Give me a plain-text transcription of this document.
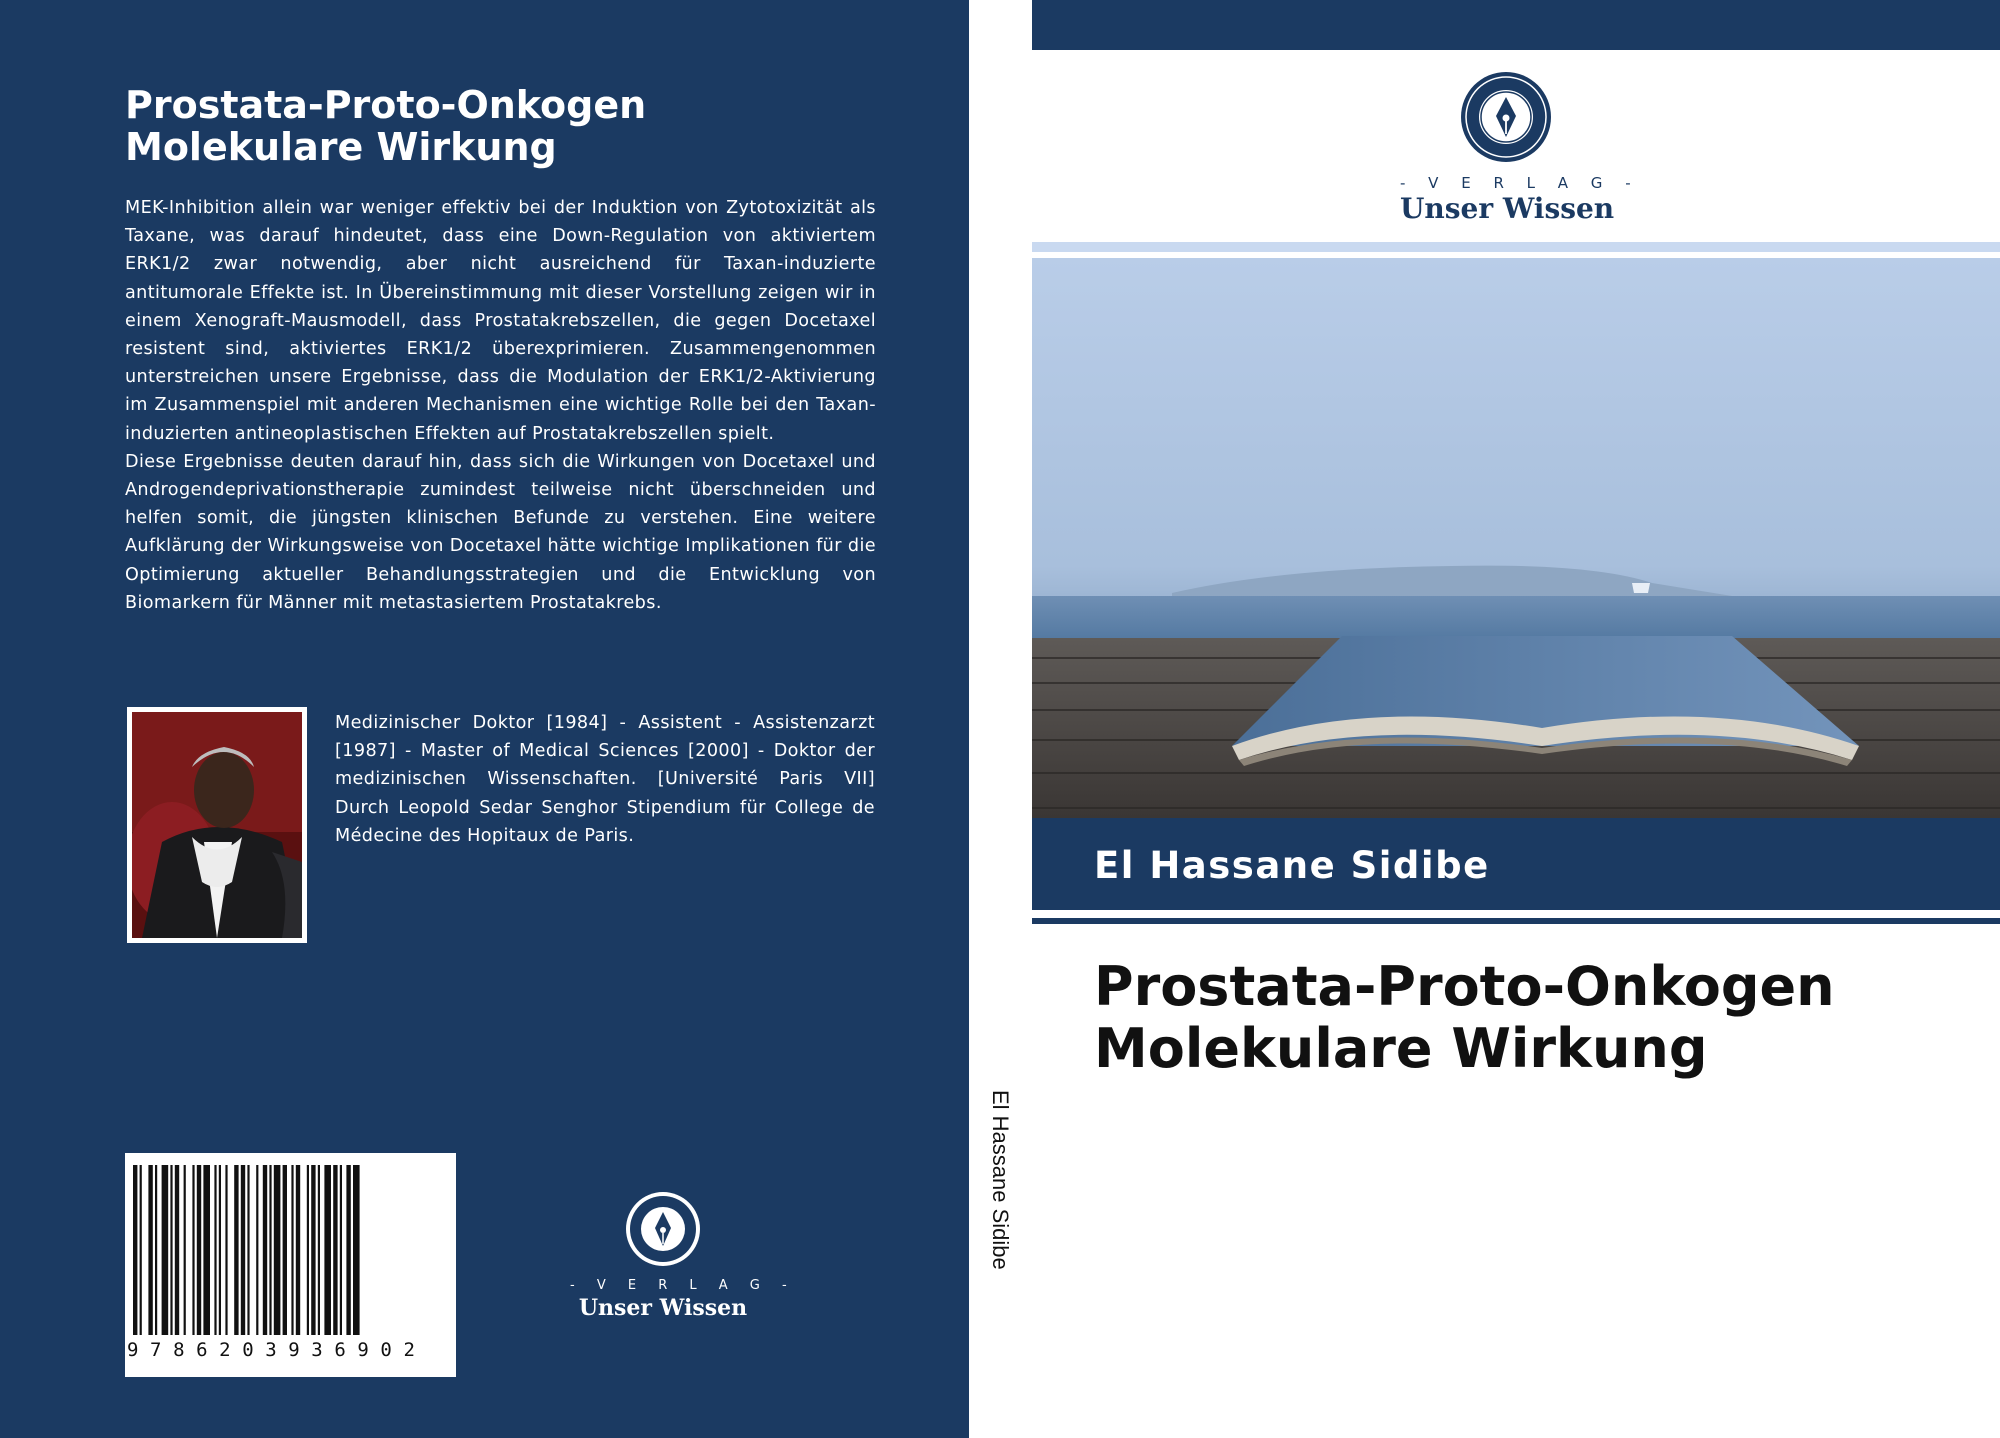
Prostata-Proto-Onkogen
Molekulare Wirkung

MEK-Inhibition allein war weniger effektiv bei der Induktion von Zytotoxizität als Taxane, was darauf hindeutet, dass eine Down-Regulation von aktiviertem ERK1/2 zwar notwendig, aber nicht ausreichend für Taxan-induzierte antitumorale Effekte ist. In Übereinstimmung mit dieser Vorstellung zeigen wir in einem Xenograft-Mausmodell, dass Prostatakrebszellen, die gegen Docetaxel resistent sind, aktiviertes ERK1/2 überexprimieren. Zusammengenommen unterstreichen unsere Ergebnisse, dass die Modulation der ERK1/2-Aktivierung im Zusammenspiel mit anderen Mechanismen eine wichtige Rolle bei den Taxan-induzierten antineoplastischen Effekten auf Prostatakrebszellen spielt.

Diese Ergebnisse deuten darauf hin, dass sich die Wirkungen von Docetaxel und Androgendeprivationstherapie zumindest teilweise nicht überschneiden und helfen somit, die jüngsten klinischen Befunde zu verstehen. Eine weitere Aufklärung der Wirkungsweise von Docetaxel hätte wichtige Implikationen für die Optimierung aktueller Behandlungsstrategien und die Entwicklung von Biomarkern für Männer mit metastasiertem Prostatakrebs.

Medizinischer Doktor [1984] - Assistent - Assistenzarzt [1987] - Master of Medical Sciences [2000] - Doktor der medizinischen Wissenschaften. [Université Paris VII] Durch Leopold Sedar Senghor Stipendium für College de Médecine des Hopitaux de Paris.
9786203936902
- V E R L A G -
Unser Wissen
El Hassane Sidibe
- V E R L A G -
Unser Wissen
El Hassane Sidibe
Prostata-Proto-Onkogen
Molekulare Wirkung
